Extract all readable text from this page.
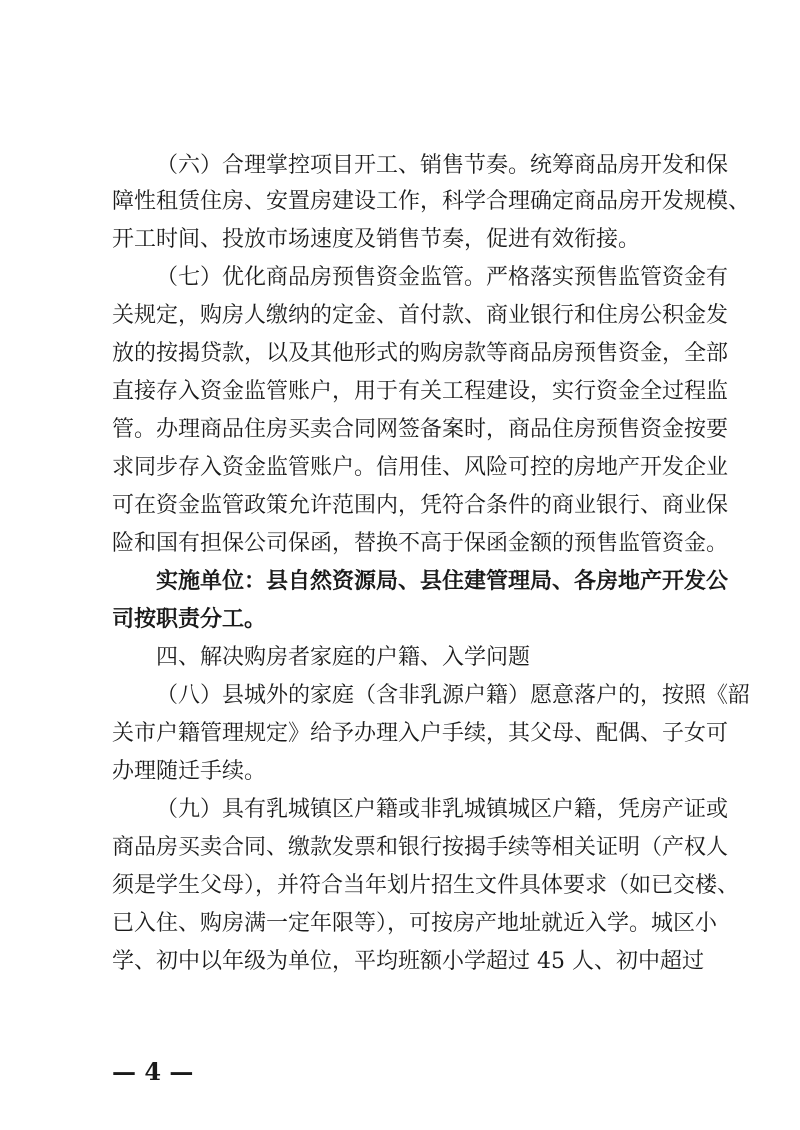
（六）合理掌控项目开工、销售节奏。统筹商品房开发和保
障性租赁住房、安置房建设工作，科学合理确定商品房开发规模、
开工时间、投放市场速度及销售节奏，促进有效衔接。
（七）优化商品房预售资金监管。严格落实预售监管资金有
关规定，购房人缴纳的定金、首付款、商业银行和住房公积金发
放的按揭贷款，以及其他形式的购房款等商品房预售资金，全部
直接存入资金监管账户，用于有关工程建设，实行资金全过程监
管。办理商品住房买卖合同网签备案时，商品住房预售资金按要
求同步存入资金监管账户。信用佳、风险可控的房地产开发企业
可在资金监管政策允许范围内，凭符合条件的商业银行、商业保
险和国有担保公司保函，替换不高于保函金额的预售监管资金。
实施单位：县自然资源局、县住建管理局、各房地产开发公
司按职责分工。
四、解决购房者家庭的户籍、入学问题
（八）县城外的家庭（含非乳源户籍）愿意落户的，按照《韶
关市户籍管理规定》给予办理入户手续，其父母、配偶、子女可
办理随迁手续。
（九）具有乳城镇区户籍或非乳城镇城区户籍，凭房产证或
商品房买卖合同、缴款发票和银行按揭手续等相关证明（产权人
须是学生父母），并符合当年划片招生文件具体要求（如已交楼、
已入住、购房满一定年限等），可按房产地址就近入学。城区小
学、初中以年级为单位，平均班额小学超过 45 人、初中超过
— 4 —
